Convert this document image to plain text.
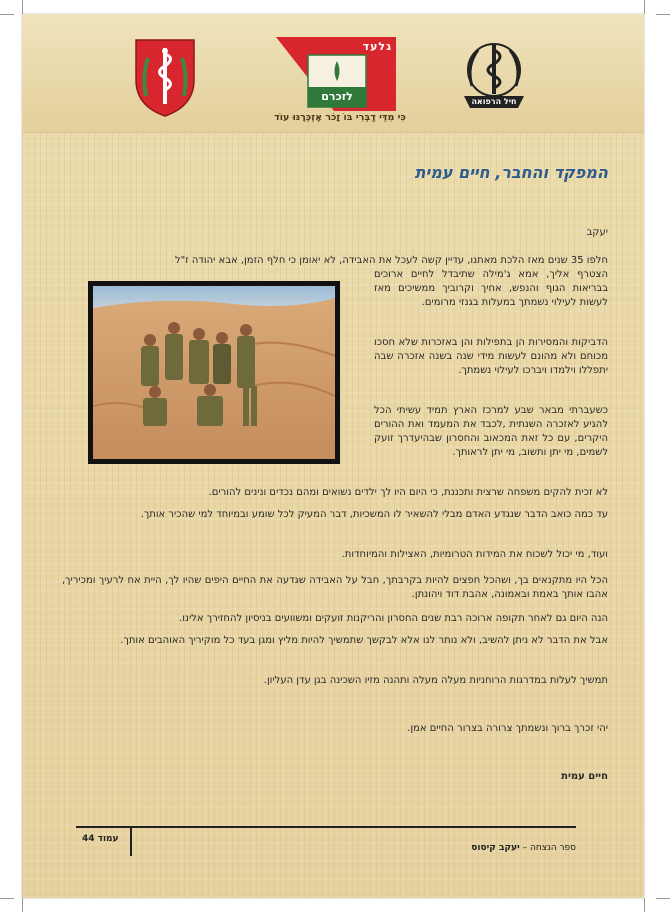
גלעד
לזכרם	חיל הרפואה
כִּי מִדֵּי דַבְּרִי בּוֹ זָכֹר אֶזְכְּרֶנּוּ עוֹד
המפקד והחבר, חיים עמית
יעקב
חלפו 35 שנים מאז הלכת מאתנו, עדיין קשה לעכל את האבידה, לא יאומן כי חלף הזמן, אבא יהודה ז"ל
הצטרף אליך, אמא ג'מילה שתיבדל לחיים ארוכים בבריאות הגוף והנפש, אחיך וקרוביך ממשיכים מאז לעשות לעילוי נשמתך במעלות בגנזי מרומים.
הדביקות והמסירות הן בתפילות והן באזכרות שלא חסכו מכוחם ולא מהונם לעשות מידי שנה בשנה אזכרה שבה יתפללו וילמדו ויברכו לעילוי נשמתך.
כשעברתי מבאר שבע למרכז הארץ תמיד עשיתי הכל להגיע לאזכרה השנתית ,לכבד את המעמד ואת ההורים היקרים, עם כל זאת המכאוב והחסרון שבהיעדרך זועק לשמים, מי יתן ותשוב, מי יתן לראותך.
לא זכית להקים משפחה שרצית ותכננת, כי היום היו לך ילדים נשואים ומהם נכדים ונינים להורים.
עד כמה כואב הדבר שנגדע האדם מבלי להשאיר לו המשכיות, דבר המעיק לכל שומע ובמיוחד למי שהכיר אותך.
ועוד, מי יכול לשכוח את המידות הטרומיות, האצילות והמיוחדות.
הכל היו מתקנאים בך, ושהכל חפצים להיות בקרבתך, חבל על האבידה שגדעה את החיים היפים שהיו לך, היית אח לרעיך ומכיריך, אהבו אותך באמת ובאמונה, אהבת דוד ויהונתן.
הנה היום גם לאחר תקופה ארוכה רבת שנים החסרון והריקנות זועקים ומשוועים בניסיון להחזירך אלינו.
אבל את הדבר לא ניתן להשיב, ולא נותר לנו אלא לבקשך שתמשיך להיות מליץ ומגן בעד כל מוקיריך האוהבים אותך.
תמשיך לעלות במדרגות הרוחניות מעלה מעלה ותהנה מזיו השכינה בגן עדן העליון.
יהי זכרך ברוך ונשמתך צרורה בצרור החיים אמן.
חיים עמית
עמוד 44
ספר הנצחה – יעקב קיסוס
